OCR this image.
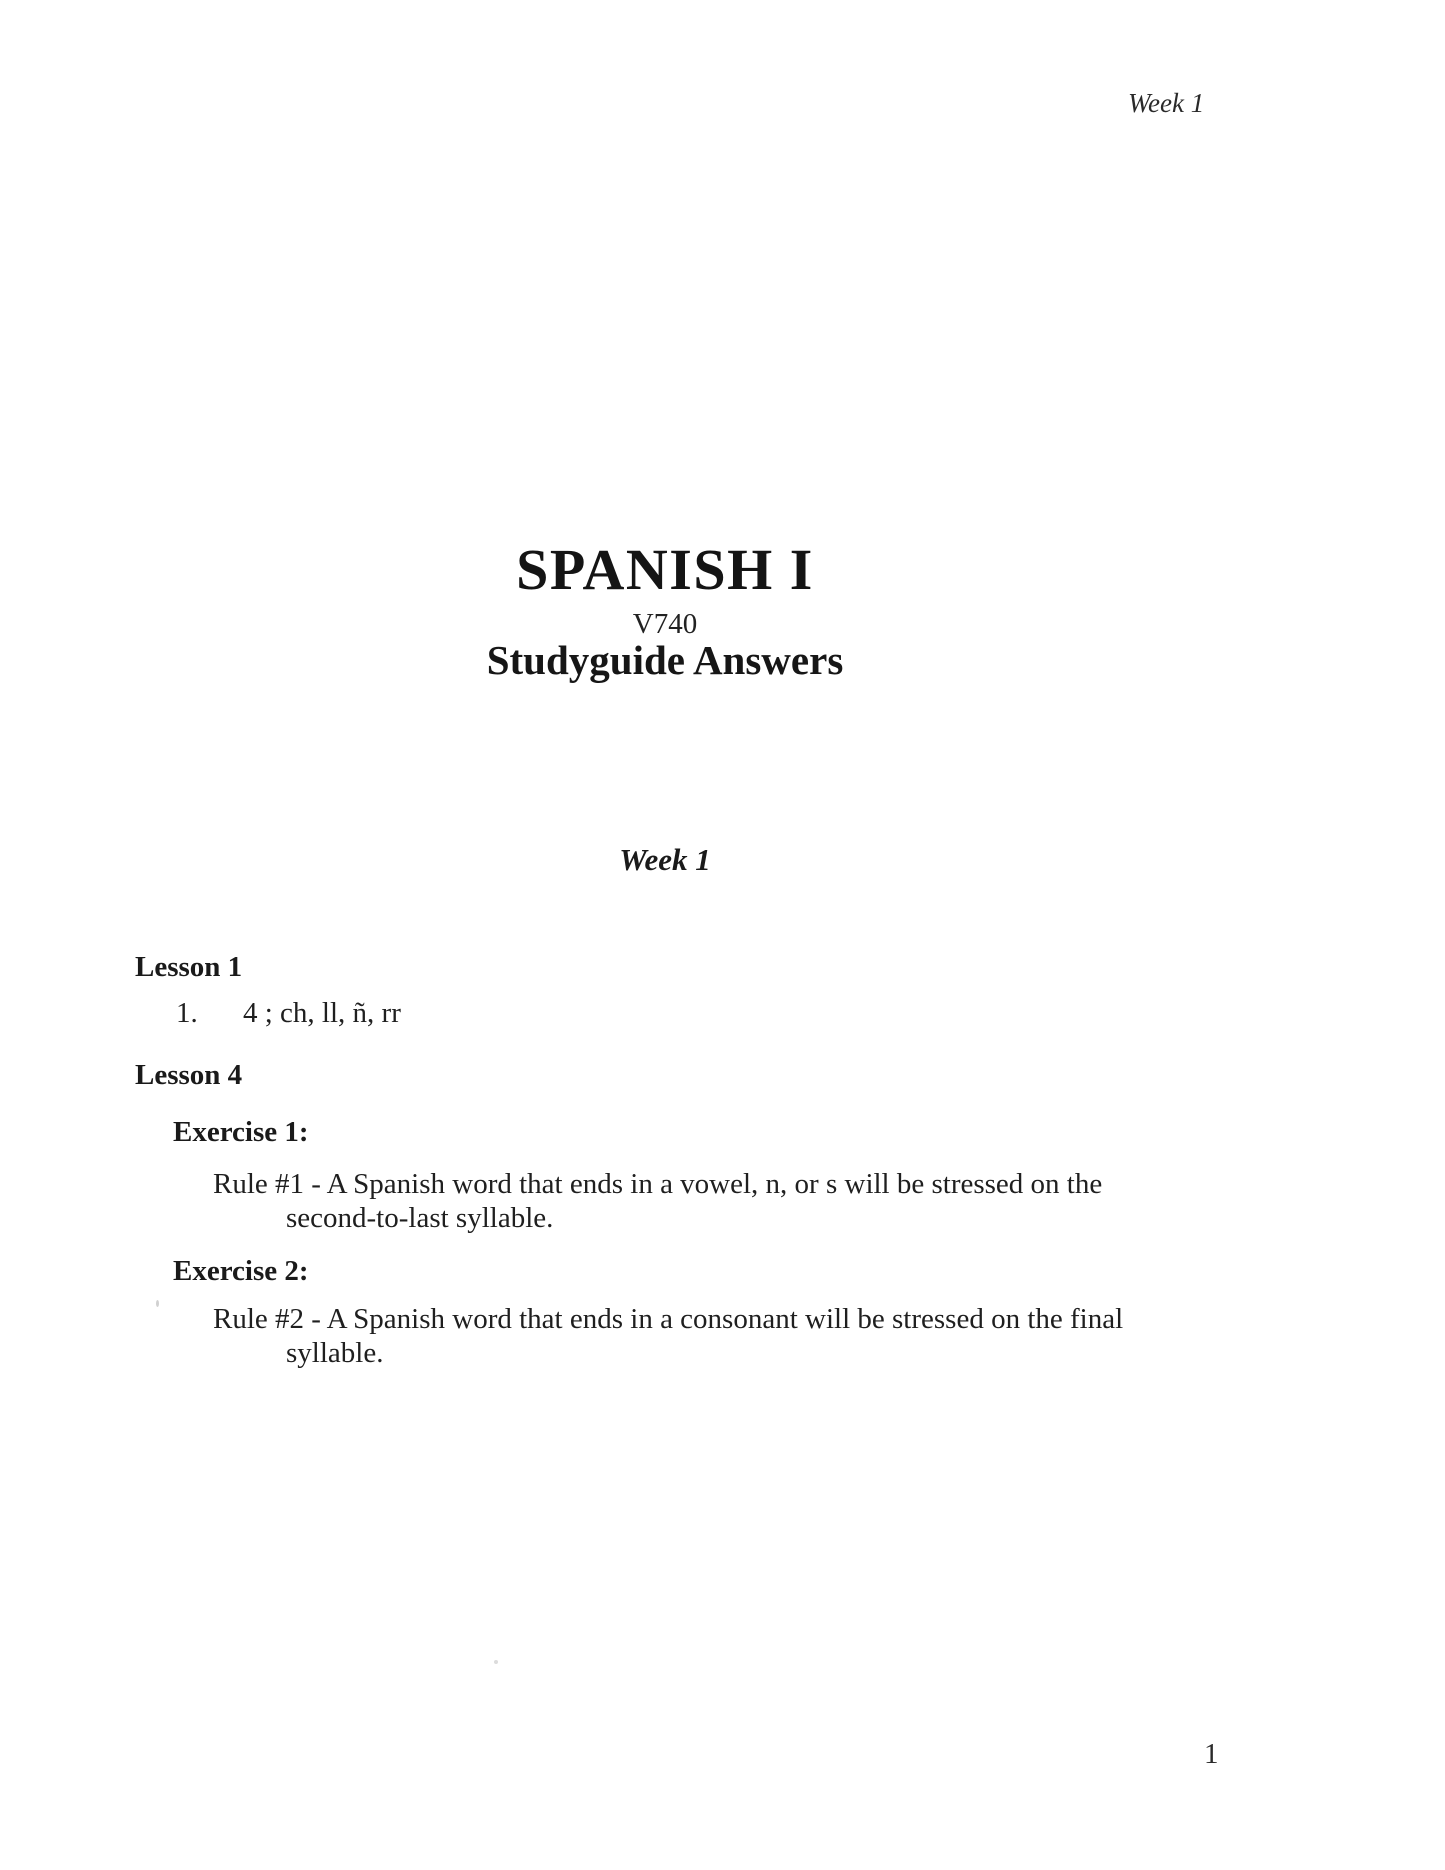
Week 1
SPANISH I
V740
Studyguide Answers
Week 1
Lesson 1
1. 4 ; ch, ll, ñ, rr
Lesson 4
Exercise 1:
Rule #1 - A Spanish word that ends in a vowel, n, or s will be stressed on the
second-to-last syllable.
Exercise 2:
Rule #2 - A Spanish word that ends in a consonant will be stressed on the final
syllable.
1
